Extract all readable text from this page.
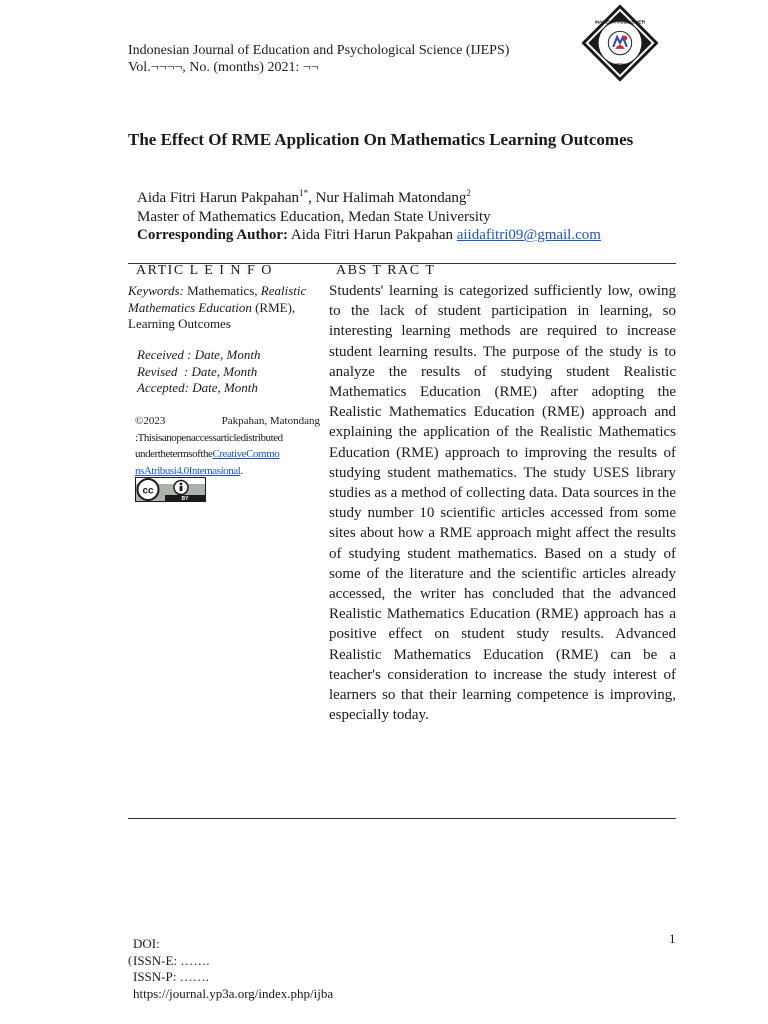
Indonesian Journal of Education and Psychological Science (IJEPS)
Vol.¬¬¬¬, No. (months) 2021: ¬¬
MAHESA PUBLISHER
IJEPS
The Effect Of RME Application On Mathematics Learning Outcomes
Aida Fitri Harun Pakpahan$^{1*}$, Nur Halimah Matondang$^2$
Master of Mathematics Education, Medan State University
Corresponding Author: Aida Fitri Harun Pakpahan aiidafitri09@gmail.com
ARTIC L E I N F O	ABS T RAC T
Keywords: Mathematics, Realistic Mathematics Education (RME), Learning Outcomes
Received : Date, Month
Revised  : Date, Month
Accepted: Date, Month
©2023	Pakpahan, Matondang
:Thisisanopenaccessarticledistributed
underthetermsoftheCreativeCommo
nsAtribusi4.0Internasional.
cc
BY
Students' learning is categorized sufficiently low, owing to the lack of student participation in learning, so interesting learning methods are required to increase student learning results. The purpose of the study is to analyze the results of studying student Realistic Mathematics Education (RME) after adopting the Realistic Mathematics Education (RME) approach and explaining the application of the Realistic Mathematics Education (RME) approach to improving the results of studying student mathematics. The study USES library studies as a method of collecting data. Data sources in the study number 10 scientific articles accessed from some sites about how a RME approach might affect the results of studying student mathematics. Based on a study of some of the literature and the scientific articles already accessed, the writer has concluded that the advanced Realistic Mathematics Education (RME) approach has a positive effect on student study results. Advanced Realistic Mathematics Education (RME) can be a teacher's consideration to increase the study interest of learners so that their learning competence is improving, especially today.
1
(
DOI:
ISSN-E: …….
ISSN-P: …….
https://journal.yp3a.org/index.php/ijba
